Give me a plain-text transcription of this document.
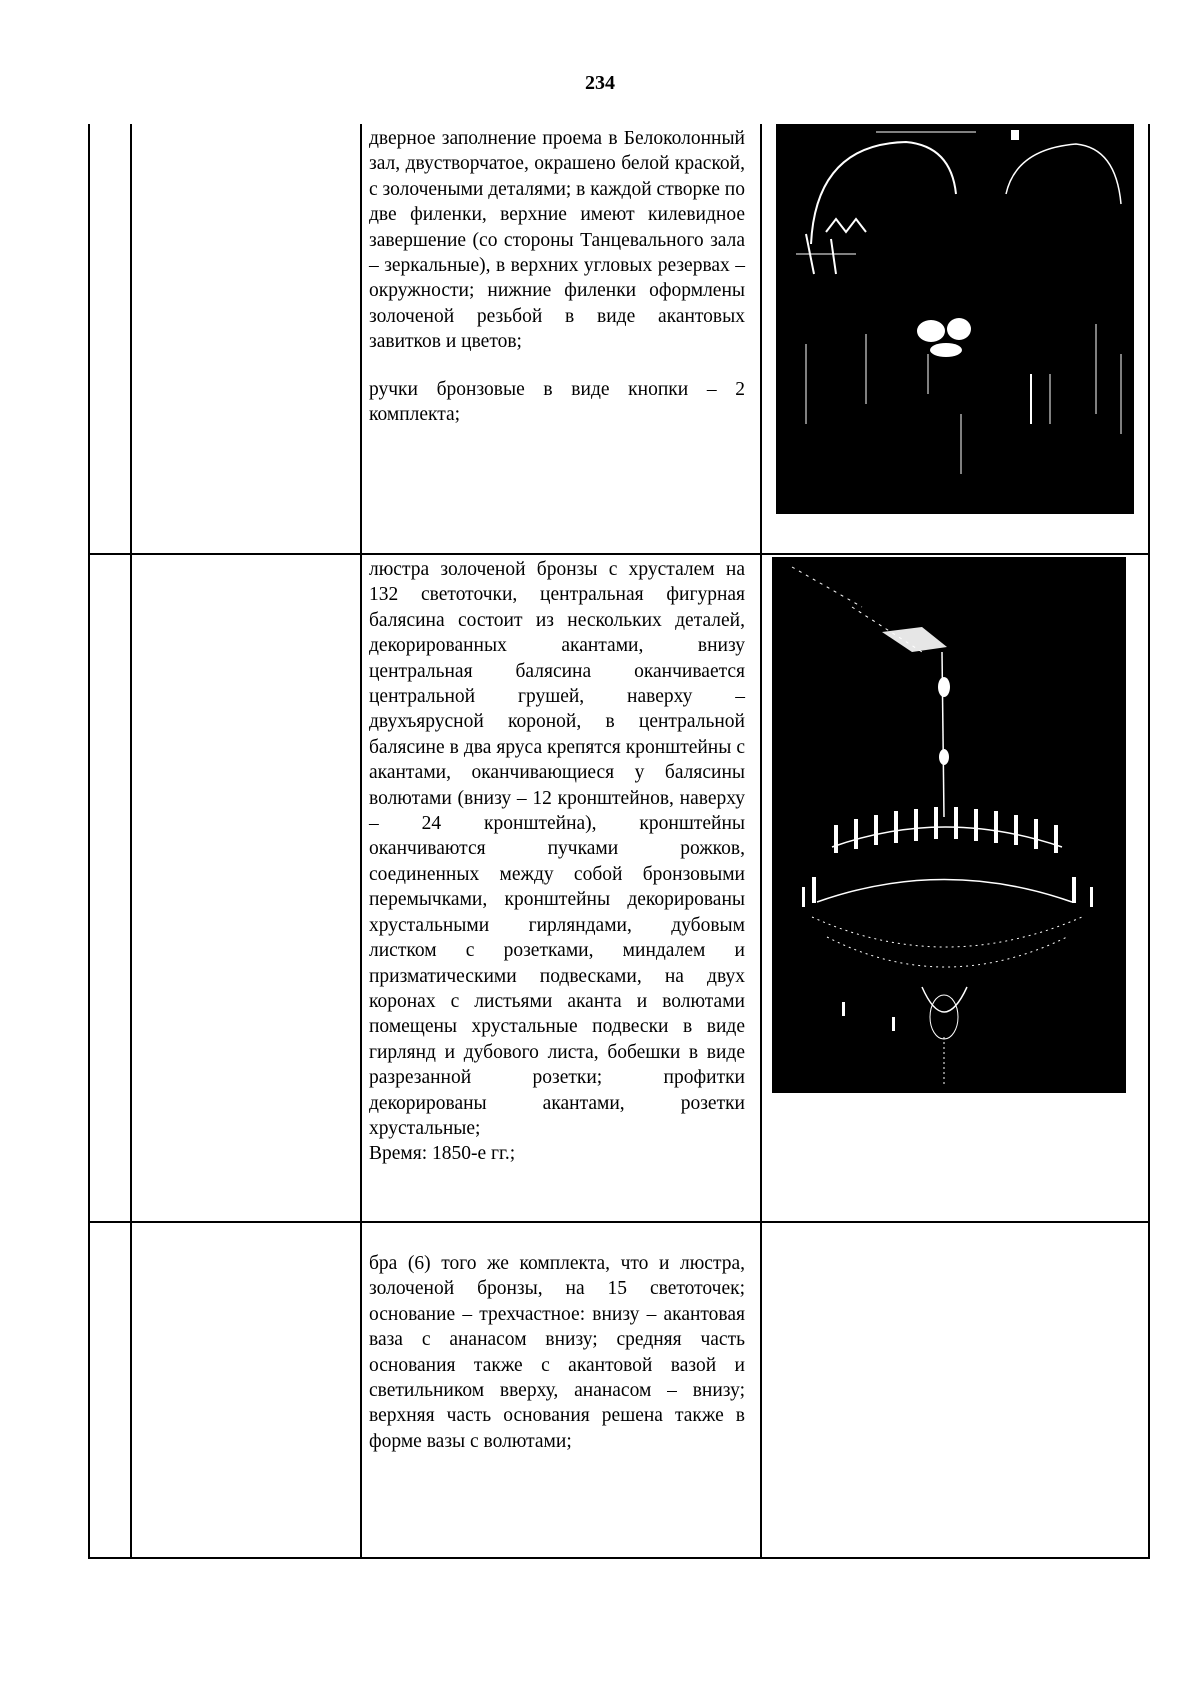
234

дверное заполнение проема в Белоколонный зал, двустворчатое, окрашено белой краской, с золочеными деталями; в каждой створке по две филенки, верхние имеют килевидное завершение (со стороны Танцевального зала – зеркальные), в верхних угловых резервах – окружности; нижние филенки оформлены золоченой резьбой в виде акантовых завитков и цветов;

ручки бронзовые в виде кнопки – 2 комплекта;

люстра золоченой бронзы с хрусталем на 132 светоточки, центральная фигурная балясина состоит из нескольких деталей, декорированных акантами, внизу центральная балясина оканчивается центральной грушей, наверху – двухъярусной короной, в центральной балясине в два яруса крепятся кронштейны с акантами, оканчивающиеся у балясины волютами (внизу – 12 кронштейнов, наверху – 24 кронштейна), кронштейны оканчиваются пучками рожков, соединенных между собой бронзовыми перемычками, кронштейны декорированы хрустальными гирляндами, дубовым листком с розетками, миндалем и призматическими подвесками, на двух коронах с листьями аканта и волютами помещены хрустальные подвески в виде гирлянд и дубового листа, бобешки в виде разрезанной розетки; профитки декорированы акантами, розетки хрустальные;

Время: 1850-е гг.;

бра (6) того же комплекта, что и люстра, золоченой бронзы, на 15 светоточек; основание – трехчастное: внизу – акантовая ваза с ананасом внизу; средняя часть основания также с акантовой вазой и светильником вверху, ананасом – внизу; верхняя часть основания решена также в форме вазы с волютами;
